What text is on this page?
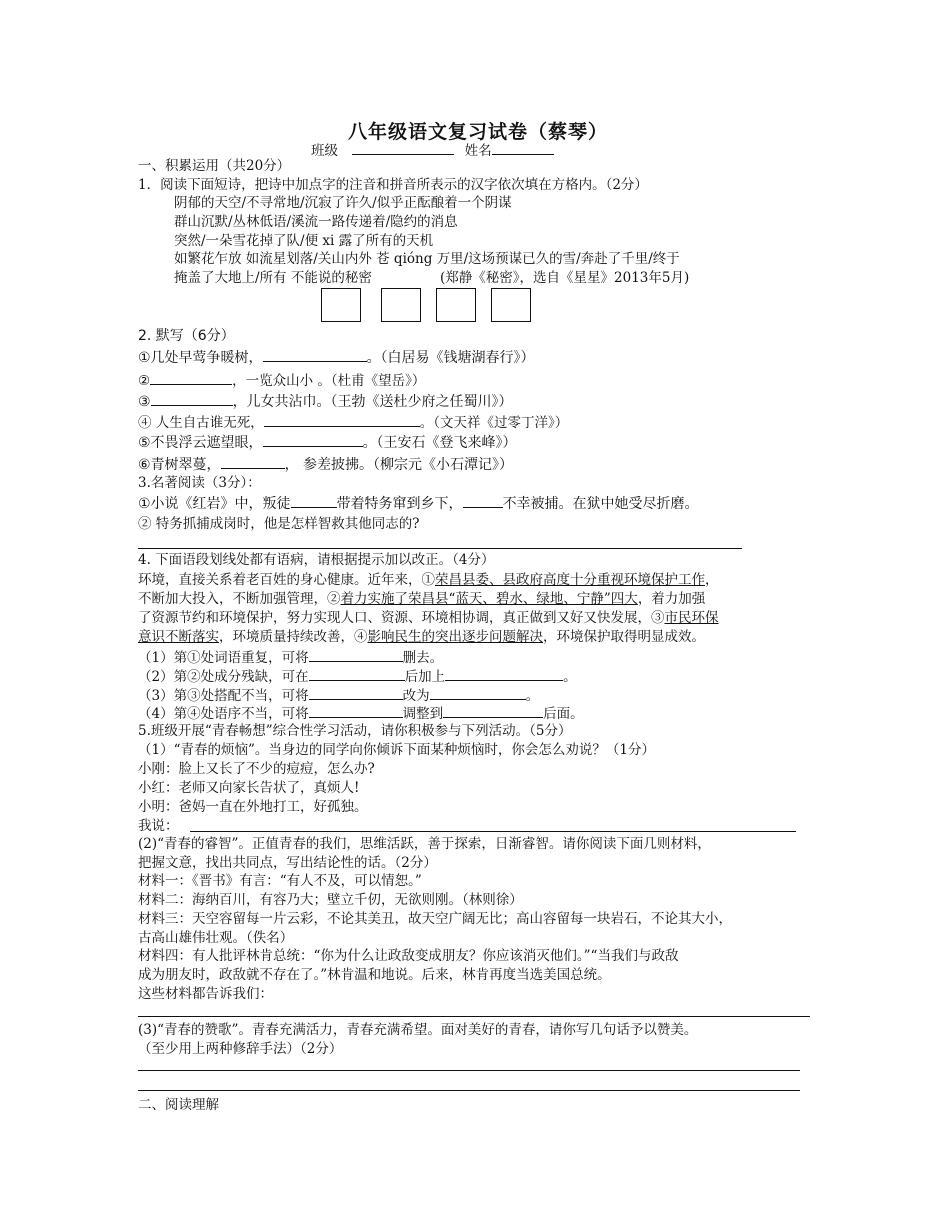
八年级语文复习试卷（蔡琴）
班级	姓名
一、积累运用（共20分）
1．阅读下面短诗，把诗中加点字的注音和拼音所表示的汉字依次填在方格内。（2分）
阴郁的天空/不寻常地/沉寂了许久/似乎正酝酿着一个阴谋
群山沉默/丛林低语/溪流一路传递着/隐约的消息
突然/一朵雪花掉了队/便 xi 露了所有的天机
如繁花乍放 如流星划落/关山内外 苍 qióng 万里/这场预谋已久的雪/奔赴了千里/终于
掩盖了大地上/所有 不能说的秘密	(郑静《秘密》，选自《星星》2013年5月)
2. 默写（6分）
①几处早莺争暖树，	。（白居易《钱塘湖春行》）
②	，一览众山小 。（杜甫《望岳》）
③	，儿女共沾巾。（王勃《送杜少府之任蜀川》）
④ 人生自古谁无死，	。（文天祥《过零丁洋》）
⑤不畏浮云遮望眼，	。（王安石《登飞来峰》）
⑥青树翠蔓，	， 参差披拂。（柳宗元《小石潭记》）
3.名著阅读（3分）：
①小说《红岩》中，叛徒	带着特务窜到乡下，	不幸被捕。在狱中她受尽折磨。
② 特务抓捕成岗时，他是怎样智救其他同志的?
4. 下面语段划线处都有语病，请根据提示加以改正。（4分）
环境，直接关系着老百姓的身心健康。近年来，①荣昌县委、县政府高度十分重视环境保护工作，
不断加大投入，不断加强管理，②着力实施了荣昌县“蓝天、碧水、绿地、宁静”四大，着力加强
了资源节约和环境保护，努力实现人口、资源、环境相协调，真正做到又好又快发展，③市民环保
意识不断落实，环境质量持续改善，④影响民生的突出逐步问题解决，环境保护取得明显成效。
（1）第①处词语重复，可将	删去。
（2）第②处成分残缺，可在	后加上	。
（3）第③处搭配不当，可将	改为	。
（4）第④处语序不当，可将	调整到	后面。
5.班级开展“青春畅想”综合性学习活动，请你积极参与下列活动。（5分）
（1）“青春的烦恼”。当身边的同学向你倾诉下面某种烦恼时，你会怎么劝说？（1分）
小刚：脸上又长了不少的痘痘，怎么办?
小红：老师又向家长告状了，真烦人!
小明：爸妈一直在外地打工，好孤独。
我说：
(2)“青春的睿智”。正值青春的我们，思维活跃，善于探索，日渐睿智。请你阅读下面几则材料，
把握文意，找出共同点，写出结论性的话。（2分）
材料一：《晋书》有言：“有人不及，可以情恕。”
材料二：海纳百川，有容乃大；壁立千仞，无欲则刚。（林则徐）
材料三：天空容留每一片云彩，不论其美丑，故天空广阔无比；高山容留每一块岩石，不论其大小，
古高山雄伟壮观。（佚名）
材料四：有人批评林肯总统：“你为什么让政敌变成朋友？你应该消灭他们。”“当我们与政敌
成为朋友时，政敌就不存在了。”林肯温和地说。后来，林肯再度当选美国总统。
这些材料都告诉我们：
(3)“青春的赞歌”。青春充满活力，青春充满希望。面对美好的青春，请你写几句话予以赞美。
（至少用上两种修辞手法）（2分）
二、阅读理解
